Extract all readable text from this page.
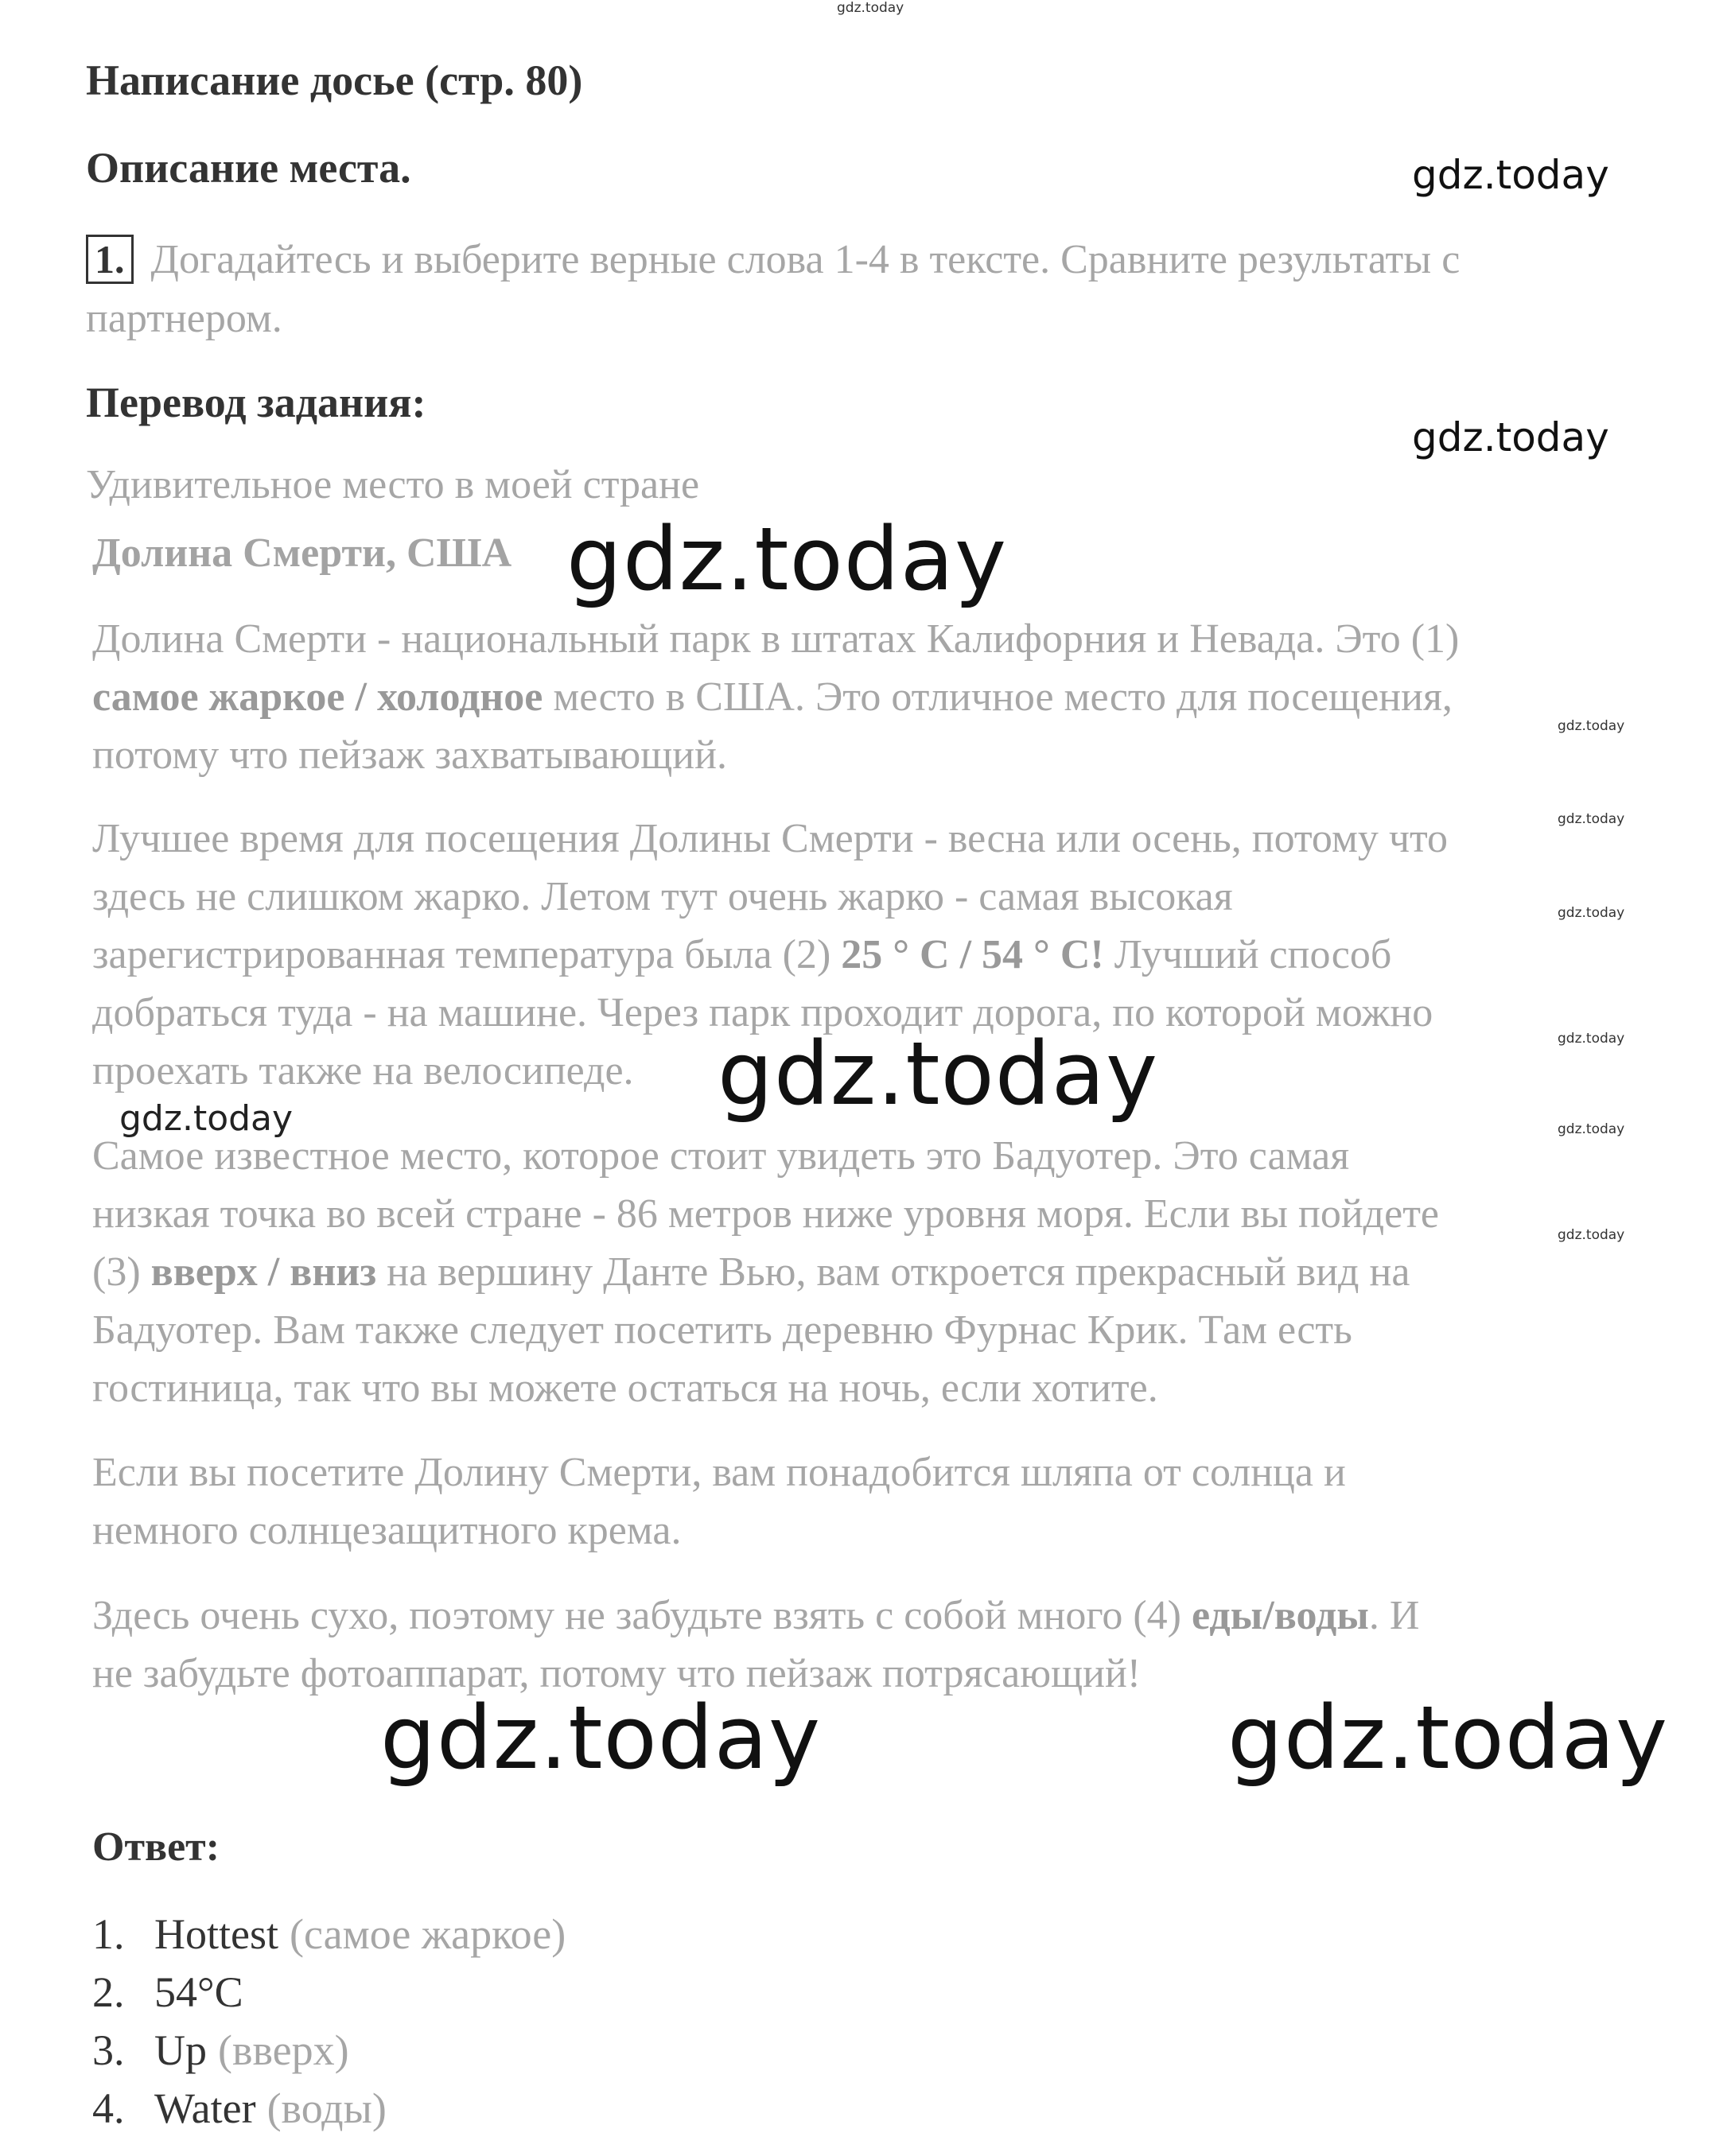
gdz.today
Написание досье (стр. 80)
Описание места.	gdz.today
1. Догадайтесь и выберите верные слова 1-4 в тексте. Сравните результаты с партнером.
Перевод задания:
gdz.today
Удивительное место в моей стране
Долина Смерти, США gdz.today
Долина Смерти - национальный парк в штатах Калифорния и Невада. Это (1)
самое жаркое / холодное место в США. Это отличное место для посещения,
потому что пейзаж захватывающий.
gdz.today
gdz.today
Лучшее время для посещения Долины Смерти - весна или осень, потому что
здесь не слишком жарко. Летом тут очень жарко - самая высокая
зарегистрированная температура была (2) 25 ° С / 54 ° С! Лучший способ
добраться туда - на машине. Через парк проходит дорога, по которой можно
проехать также на велосипеде.
gdz.today
gdz.today
gdz.today
gdz.today	gdz.today
Самое известное место, которое стоит увидеть это Бадуотер. Это самая
низкая точка во всей стране - 86 метров ниже уровня моря. Если вы пойдете
(3) вверх / вниз на вершину Данте Вью, вам откроется прекрасный вид на
Бадуотер. Вам также следует посетить деревню Фурнас Крик. Там есть
гостиница, так что вы можете остаться на ночь, если хотите.
gdz.today
Если вы посетите Долину Смерти, вам понадобится шляпа от солнца и
немного солнцезащитного крема.
Здесь очень сухо, поэтому не забудьте взять с собой много (4) еды/воды. И
не забудьте фотоаппарат, потому что пейзаж потрясающий!
gdz.today	gdz.today
Ответ:
1. Hottest (самое жаркое)
2. 54°C
3. Up (вверх)
4. Water (воды)
